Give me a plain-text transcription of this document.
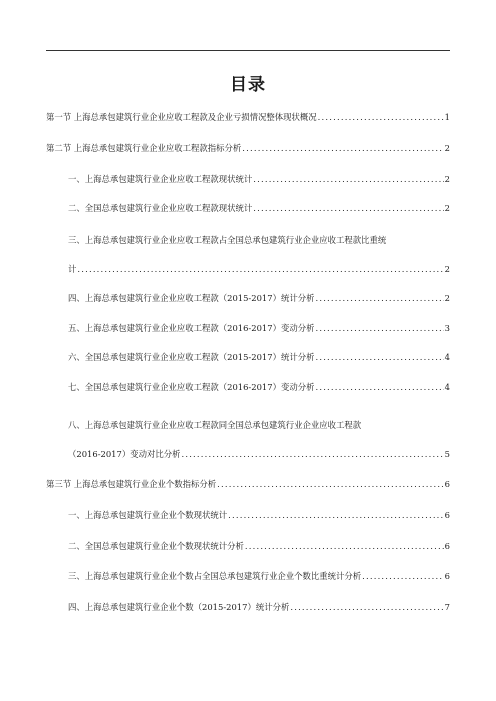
目录
第一节 上海总承包建筑行业企业应收工程款及企业亏损情况整体现状概况 .....	1
第二节 上海总承包建筑行业企业应收工程款指标分析 .....	2
一、上海总承包建筑行业企业应收工程款现状统计 .....	2
二、全国总承包建筑行业企业应收工程款现状统计 .....	2
三、上海总承包建筑行业企业应收工程款占全国总承包建筑行业企业应收工程款比重统
计 .....	2
四、上海总承包建筑行业企业应收工程款（2015-2017）统计分析 .....	2
五、上海总承包建筑行业企业应收工程款（2016-2017）变动分析 .....	3
六、全国总承包建筑行业企业应收工程款（2015-2017）统计分析 .....	4
七、全国总承包建筑行业企业应收工程款（2016-2017）变动分析 .....	4
八、上海总承包建筑行业企业应收工程款同全国总承包建筑行业企业应收工程款
（2016-2017）变动对比分析 .....	5
第三节 上海总承包建筑行业企业个数指标分析 .....	6
一、上海总承包建筑行业企业个数现状统计 .....	6
二、全国总承包建筑行业企业个数现状统计分析 .....	6
三、上海总承包建筑行业企业个数占全国总承包建筑行业企业个数比重统计分析 .....	6
四、上海总承包建筑行业企业个数（2015-2017）统计分析 .....	7
